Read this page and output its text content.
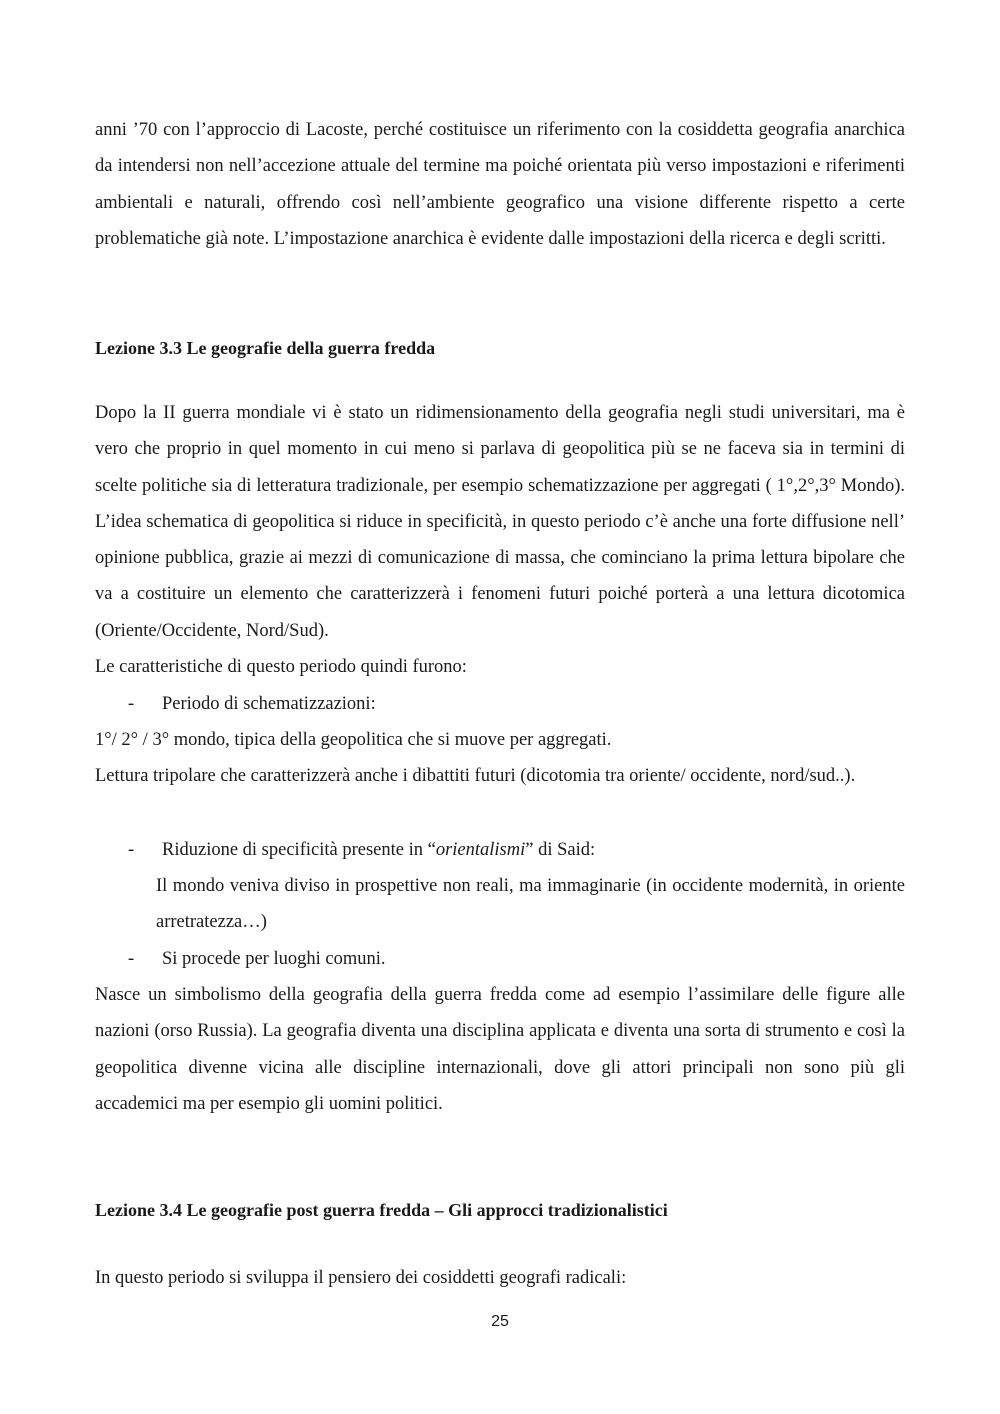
anni ’70 con l’approccio di Lacoste, perché costituisce un riferimento con la cosiddetta geografia anarchica da intendersi non nell’accezione attuale del termine ma poiché orientata più verso impostazioni e riferimenti ambientali e naturali, offrendo così nell’ambiente geografico una visione differente rispetto a certe problematiche già note. L’impostazione anarchica è evidente dalle impostazioni della ricerca e degli scritti.

Lezione 3.3 Le geografie della guerra fredda

Dopo la II guerra mondiale vi è stato un ridimensionamento della geografia negli studi universitari, ma è vero che proprio in quel momento in cui meno si parlava di geopolitica più se ne faceva sia in termini di scelte politiche sia di letteratura tradizionale, per esempio schematizzazione per aggregati ( 1°,2°,3° Mondo). L’idea schematica di geopolitica si riduce in specificità, in questo periodo c’è anche una forte diffusione nell’ opinione pubblica, grazie ai mezzi di comunicazione di massa, che cominciano la prima lettura bipolare che va a costituire un elemento che caratterizzerà i fenomeni futuri poiché porterà a una lettura dicotomica (Oriente/Occidente, Nord/Sud).

Le caratteristiche di questo periodo quindi furono:
- Periodo di schematizzazioni:
1°/ 2° / 3° mondo, tipica della geopolitica che si muove per aggregati.

Lettura tripolare che caratterizzerà anche i dibattiti futuri (dicotomia tra oriente/ occidente, nord/sud..).

- Riduzione di specificità presente in “orientalismi” di Said:

Il mondo veniva diviso in prospettive non reali, ma immaginarie (in occidente modernità, in oriente arretratezza…)

- Si procede per luoghi comuni.

Nasce un simbolismo della geografia della guerra fredda come ad esempio l’assimilare delle figure alle nazioni (orso Russia). La geografia diventa una disciplina applicata e diventa una sorta di strumento e così la geopolitica divenne vicina alle discipline internazionali, dove gli attori principali non sono più gli accademici ma per esempio gli uomini politici.

Lezione 3.4 Le geografie post guerra fredda – Gli approcci tradizionalistici
In questo periodo si sviluppa il pensiero dei cosiddetti geografi radicali:
25
